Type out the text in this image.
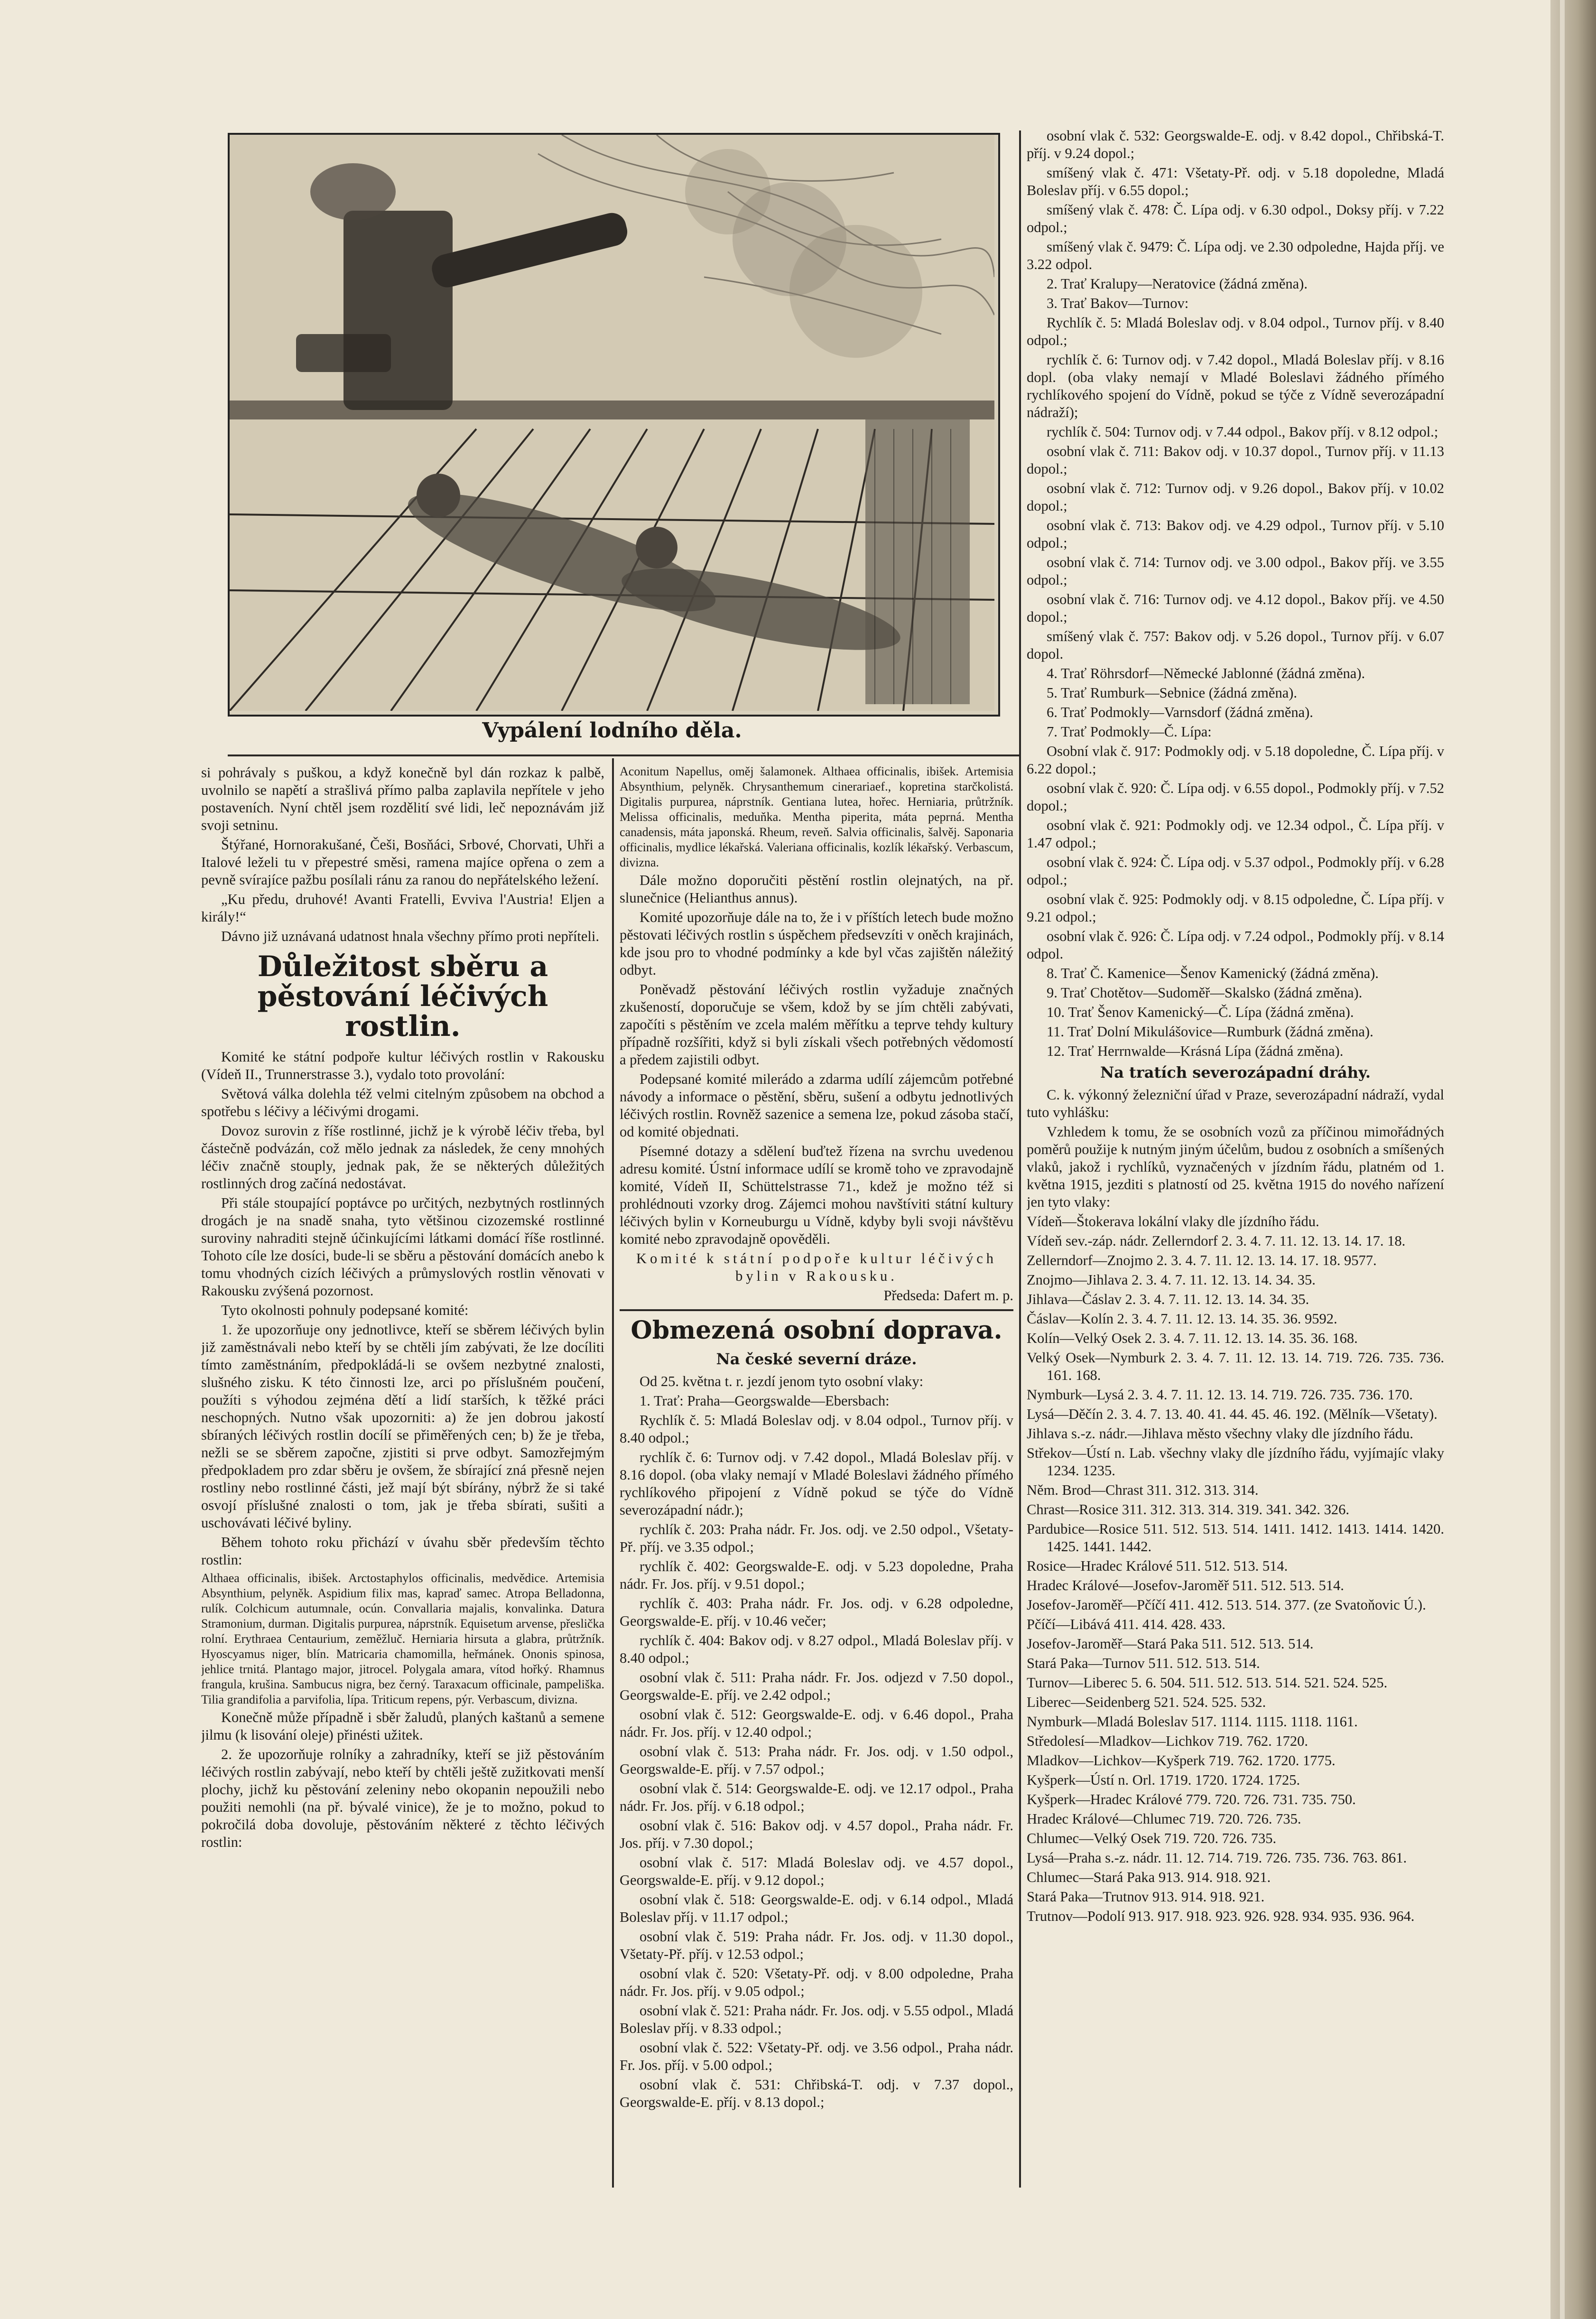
Vypálení lodního děla.

si pohrávaly s puškou, a když konečně byl dán rozkaz k palbě, uvolnilo se napětí a strašlivá přímo palba zaplavila nepřítele v jeho postaveních. Nyní chtěl jsem rozdělití své lidi, leč nepoznávám již svoji setninu.

Štýřané, Hornorakušané, Češi, Bosňáci, Srbové, Chorvati, Uhři a Italové leželi tu v přepestré směsi, ramena majíce opřena o zem a pevně svírajíce pažbu posílali ránu za ranou do nepřátelského ležení.

„Ku předu, druhové! Avanti Fratelli, Evviva l'Austria! Eljen a király!“

Dávno již uznávaná udatnost hnala všechny přímo proti nepříteli.

Důležitost sběru a pěstování léčivých rostlin.

Komité ke státní podpoře kultur léčivých rostlin v Rakousku (Vídeň II., Trunnerstrasse 3.), vydalo toto provolání:

Světová válka dolehla též velmi citelným způsobem na obchod a spotřebu s léčivy a léčivými drogami.

Dovoz surovin z říše rostlinné, jichž je k výrobě léčiv třeba, byl částečně podvázán, což mělo jednak za následek, že ceny mnohých léčiv značně stouply, jednak pak, že se některých důležitých rostlinných drog začíná nedostávat.

Při stále stoupající poptávce po určitých, nezbytných rostlinných drogách je na snadě snaha, tyto většinou cizozemské rostlinné suroviny nahraditi stejně účinkujícími látkami domácí říše rostlinné. Tohoto cíle lze dosíci, bude-li se sběru a pěstování domácích anebo k tomu vhodných cizích léčivých a průmyslových rostlin věnovati v Rakousku zvýšená pozornost.

Tyto okolnosti pohnuly podepsané komité:

1. že upozorňuje ony jednotlivce, kteří se sběrem léčivých bylin již zaměstnávali nebo kteří by se chtěli jím zabývati, že lze docíliti tímto zaměstnáním, předpokládá-li se ovšem nezbytné znalosti, slušného zisku. K této činnosti lze, arci po příslušném poučení, použíti s výhodou zejména dětí a lidí starších, k těžké práci neschopných. Nutno však upozorniti: a) že jen dobrou jakostí sbíraných léčivých rostlin docílí se přiměřených cen; b) že je třeba, nežli se se sběrem započne, zjistiti si prve odbyt. Samozřejmým předpokladem pro zdar sběru je ovšem, že sbírající zná přesně nejen rostliny nebo rostlinné části, jež mají být sbírány, nýbrž že si také osvojí příslušné znalosti o tom, jak je třeba sbírati, sušiti a uschovávati léčivé byliny.

Během tohoto roku přichází v úvahu sběr především těchto rostlin:

Althaea officinalis, ibišek. Arctostaphylos officinalis, medvědice. Artemisia Absynthium, pelyněk. Aspidium filix mas, kapraď samec. Atropa Belladonna, rulík. Colchicum autumnale, ocún. Convallaria majalis, konvalinka. Datura Stramonium, durman. Digitalis purpurea, náprstník. Equisetum arvense, přeslička rolní. Erythraea Centaurium, zeměžluč. Herniaria hirsuta a glabra, průtržník. Hyoscyamus niger, blín. Matricaria chamomilla, heřmánek. Ononis spinosa, jehlice trnitá. Plantago major, jitrocel. Polygala amara, vítod hořký. Rhamnus frangula, krušina. Sambucus nigra, bez černý. Taraxacum officinale, pampeliška. Tilia grandifolia a parvifolia, lípa. Triticum repens, pýr. Verbascum, divizna.

Konečně může případně i sběr žaludů, planých kaštanů a semene jilmu (k lisování oleje) přinésti užitek.

2. že upozorňuje rolníky a zahradníky, kteří se již pěstováním léčivých rostlin zabývají, nebo kteří by chtěli ještě zužitkovati menší plochy, jichž ku pěstování zeleniny nebo okopanin nepoužili nebo použiti nemohli (na př. bývalé vinice), že je to možno, pokud to pokročilá doba dovoluje, pěstováním některé z těchto léčivých rostlin:

Aconitum Napellus, oměj šalamonek. Althaea officinalis, ibišek. Artemisia Absynthium, pelyněk. Chrysanthemum cinerariaef., kopretina starčkolistá. Digitalis purpurea, náprstník. Gentiana lutea, hořec. Herniaria, průtržník. Melissa officinalis, meduňka. Mentha piperita, máta peprná. Mentha canadensis, máta japonská. Rheum, reveň. Salvia officinalis, šalvěj. Saponaria officinalis, mydlice lékařská. Valeriana officinalis, kozlík lékařský. Verbascum, divizna.

Dále možno doporučiti pěstění rostlin olejnatých, na př. slunečnice (Helianthus annus).

Komité upozorňuje dále na to, že i v příštích letech bude možno pěstovati léčivých rostlin s úspěchem předsevzíti v oněch krajinách, kde jsou pro to vhodné podmínky a kde byl včas zajištěn náležitý odbyt.

Poněvadž pěstování léčivých rostlin vyžaduje značných zkušeností, doporučuje se všem, kdož by se jím chtěli zabývati, započíti s pěstěním ve zcela malém měřítku a teprve tehdy kultury případně rozšířiti, když si byli získali všech potřebných vědomostí a předem zajistili odbyt.

Podepsané komité milerádo a zdarma udílí zájemcům potřebné návody a informace o pěstění, sběru, sušení a odbytu jednotlivých léčivých rostlin. Rovněž sazenice a semena lze, pokud zásoba stačí, od komité objednati.

Písemné dotazy a sdělení buďtež řízena na svrchu uvedenou adresu komité. Ústní informace udílí se kromě toho ve zpravodajně komité, Vídeň II, Schüttelstrasse 71., kdež je možno též si prohlédnouti vzorky drog. Zájemci mohou navštíviti státní kultury léčivých bylin v Korneuburgu u Vídně, kdyby byli svoji návštěvu komité nebo zpravodajně opověděli.

Komité k státní podpoře kultur léčivých bylin v Rakousku.

Předseda: Dafert m. p.

Obmezená osobní doprava.
Na české severní dráze.

Od 25. května t. r. jezdí jenom tyto osobní vlaky:

1. Trať: Praha—Georgswalde—Ebersbach:

Rychlík č. 5: Mladá Boleslav odj. v 8.04 odpol., Turnov příj. v 8.40 odpol.;

rychlík č. 6: Turnov odj. v 7.42 dopol., Mladá Boleslav příj. v 8.16 dopol. (oba vlaky nemají v Mladé Boleslavi žádného přímého rychlíkového připojení z Vídně pokud se týče do Vídně severozápadní nádr.);

rychlík č. 203: Praha nádr. Fr. Jos. odj. ve 2.50 odpol., Všetaty-Př. příj. ve 3.35 odpol.;

rychlík č. 402: Georgswalde-E. odj. v 5.23 dopoledne, Praha nádr. Fr. Jos. příj. v 9.51 dopol.;

rychlík č. 403: Praha nádr. Fr. Jos. odj. v 6.28 odpoledne, Georgswalde-E. příj. v 10.46 večer;

rychlík č. 404: Bakov odj. v 8.27 odpol., Mladá Boleslav příj. v 8.40 odpol.;

osobní vlak č. 511: Praha nádr. Fr. Jos. odjezd v 7.50 dopol., Georgswalde-E. příj. ve 2.42 odpol.;

osobní vlak č. 512: Georgswalde-E. odj. v 6.46 dopol., Praha nádr. Fr. Jos. příj. v 12.40 odpol.;

osobní vlak č. 513: Praha nádr. Fr. Jos. odj. v 1.50 odpol., Georgswalde-E. příj. v 7.57 odpol.;

osobní vlak č. 514: Georgswalde-E. odj. ve 12.17 odpol., Praha nádr. Fr. Jos. příj. v 6.18 odpol.;

osobní vlak č. 516: Bakov odj. v 4.57 dopol., Praha nádr. Fr. Jos. příj. v 7.30 dopol.;

osobní vlak č. 517: Mladá Boleslav odj. ve 4.57 dopol., Georgswalde-E. příj. v 9.12 dopol.;

osobní vlak č. 518: Georgswalde-E. odj. v 6.14 odpol., Mladá Boleslav příj. v 11.17 odpol.;

osobní vlak č. 519: Praha nádr. Fr. Jos. odj. v 11.30 dopol., Všetaty-Př. příj. v 12.53 odpol.;

osobní vlak č. 520: Všetaty-Př. odj. v 8.00 odpoledne, Praha nádr. Fr. Jos. příj. v 9.05 odpol.;

osobní vlak č. 521: Praha nádr. Fr. Jos. odj. v 5.55 odpol., Mladá Boleslav příj. v 8.33 odpol.;

osobní vlak č. 522: Všetaty-Př. odj. ve 3.56 odpol., Praha nádr. Fr. Jos. příj. v 5.00 odpol.;

osobní vlak č. 531: Chřibská-T. odj. v 7.37 dopol., Georgswalde-E. příj. v 8.13 dopol.;

osobní vlak č. 532: Georgswalde-E. odj. v 8.42 dopol., Chřibská-T. příj. v 9.24 dopol.;

smíšený vlak č. 471: Všetaty-Př. odj. v 5.18 dopoledne, Mladá Boleslav příj. v 6.55 dopol.;

smíšený vlak č. 478: Č. Lípa odj. v 6.30 odpol., Doksy příj. v 7.22 odpol.;

smíšený vlak č. 9479: Č. Lípa odj. ve 2.30 odpoledne, Hajda příj. ve 3.22 odpol.

2. Trať Kralupy—Neratovice (žádná změna).

3. Trať Bakov—Turnov:

Rychlík č. 5: Mladá Boleslav odj. v 8.04 odpol., Turnov příj. v 8.40 odpol.;

rychlík č. 6: Turnov odj. v 7.42 dopol., Mladá Boleslav příj. v 8.16 dopl. (oba vlaky nemají v Mladé Boleslavi žádného přímého rychlíkového spojení do Vídně, pokud se týče z Vídně severozápadní nádraží);

rychlík č. 504: Turnov odj. v 7.44 odpol., Bakov příj. v 8.12 odpol.;

osobní vlak č. 711: Bakov odj. v 10.37 dopol., Turnov příj. v 11.13 dopol.;

osobní vlak č. 712: Turnov odj. v 9.26 dopol., Bakov příj. v 10.02 dopol.;

osobní vlak č. 713: Bakov odj. ve 4.29 odpol., Turnov příj. v 5.10 odpol.;

osobní vlak č. 714: Turnov odj. ve 3.00 odpol., Bakov příj. ve 3.55 odpol.;

osobní vlak č. 716: Turnov odj. ve 4.12 dopol., Bakov příj. ve 4.50 dopol.;

smíšený vlak č. 757: Bakov odj. v 5.26 dopol., Turnov příj. v 6.07 dopol.

4. Trať Röhrsdorf—Německé Jablonné (žádná změna).

5. Trať Rumburk—Sebnice (žádná změna).

6. Trať Podmokly—Varnsdorf (žádná změna).

7. Trať Podmokly—Č. Lípa:

Osobní vlak č. 917: Podmokly odj. v 5.18 dopoledne, Č. Lípa příj. v 6.22 dopol.;

osobní vlak č. 920: Č. Lípa odj. v 6.55 dopol., Podmokly příj. v 7.52 dopol.;

osobní vlak č. 921: Podmokly odj. ve 12.34 odpol., Č. Lípa příj. v 1.47 odpol.;

osobní vlak č. 924: Č. Lípa odj. v 5.37 odpol., Podmokly příj. v 6.28 odpol.;

osobní vlak č. 925: Podmokly odj. v 8.15 odpoledne, Č. Lípa příj. v 9.21 odpol.;

osobní vlak č. 926: Č. Lípa odj. v 7.24 odpol., Podmokly příj. v 8.14 odpol.

8. Trať Č. Kamenice—Šenov Kamenický (žádná změna).

9. Trať Chotětov—Sudoměř—Skalsko (žádná změna).

10. Trať Šenov Kamenický—Č. Lípa (žádná změna).

11. Trať Dolní Mikulášovice—Rumburk (žádná změna).

12. Trať Herrnwalde—Krásná Lípa (žádná změna).

Na tratích severozápadní dráhy.

C. k. výkonný železniční úřad v Praze, severozápadní nádraží, vydal tuto vyhlášku:

Vzhledem k tomu, že se osobních vozů za příčinou mimořádných poměrů použije k nutným jiným účelům, budou z osobních a smíšených vlaků, jakož i rychlíků, vyznačených v jízdním řádu, platném od 1. května 1915, jezditi s platností od 25. května 1915 do nového nařízení jen tyto vlaky:

Vídeň—Štokerava lokální vlaky dle jízdního řádu.

Vídeň sev.-záp. nádr. Zellerndorf 2. 3. 4. 7. 11. 12. 13. 14. 17. 18.

Zellerndorf—Znojmo 2. 3. 4. 7. 11. 12. 13. 14. 17. 18. 9577.

Znojmo—Jihlava 2. 3. 4. 7. 11. 12. 13. 14. 34. 35.

Jihlava—Čáslav 2. 3. 4. 7. 11. 12. 13. 14. 34. 35.

Čáslav—Kolín 2. 3. 4. 7. 11. 12. 13. 14. 35. 36. 9592.

Kolín—Velký Osek 2. 3. 4. 7. 11. 12. 13. 14. 35. 36. 168.

Velký Osek—Nymburk 2. 3. 4. 7. 11. 12. 13. 14. 719. 726. 735. 736. 161. 168.

Nymburk—Lysá 2. 3. 4. 7. 11. 12. 13. 14. 719. 726. 735. 736. 170.

Lysá—Děčín 2. 3. 4. 7. 13. 40. 41. 44. 45. 46. 192. (Mělník—Všetaty).

Jihlava s.-z. nádr.—Jihlava město všechny vlaky dle jízdního řádu.

Střekov—Ústí n. Lab. všechny vlaky dle jízdního řádu, vyjímajíc vlaky 1234. 1235.

Něm. Brod—Chrast 311. 312. 313. 314.

Chrast—Rosice 311. 312. 313. 314. 319. 341. 342. 326.

Pardubice—Rosice 511. 512. 513. 514. 1411. 1412. 1413. 1414. 1420. 1425. 1441. 1442.

Rosice—Hradec Králové 511. 512. 513. 514.

Hradec Králové—Josefov-Jaroměř 511. 512. 513. 514.

Josefov-Jaroměř—Pčíčí 411. 412. 513. 514. 377. (ze Svatoňovic Ú.).

Pčíčí—Libává 411. 414. 428. 433.

Josefov-Jaroměř—Stará Paka 511. 512. 513. 514.

Stará Paka—Turnov 511. 512. 513. 514.

Turnov—Liberec 5. 6. 504. 511. 512. 513. 514. 521. 524. 525.

Liberec—Seidenberg 521. 524. 525. 532.

Nymburk—Mladá Boleslav 517. 1114. 1115. 1118. 1161.

Středolesí—Mladkov—Lichkov 719. 762. 1720.

Mladkov—Lichkov—Kyšperk 719. 762. 1720. 1775.

Kyšperk—Ústí n. Orl. 1719. 1720. 1724. 1725.

Kyšperk—Hradec Králové 779. 720. 726. 731. 735. 750.

Hradec Králové—Chlumec 719. 720. 726. 735.

Chlumec—Velký Osek 719. 720. 726. 735.

Lysá—Praha s.-z. nádr. 11. 12. 714. 719. 726. 735. 736. 763. 861.

Chlumec—Stará Paka 913. 914. 918. 921.

Stará Paka—Trutnov 913. 914. 918. 921.

Trutnov—Podolí 913. 917. 918. 923. 926. 928. 934. 935. 936. 964.
